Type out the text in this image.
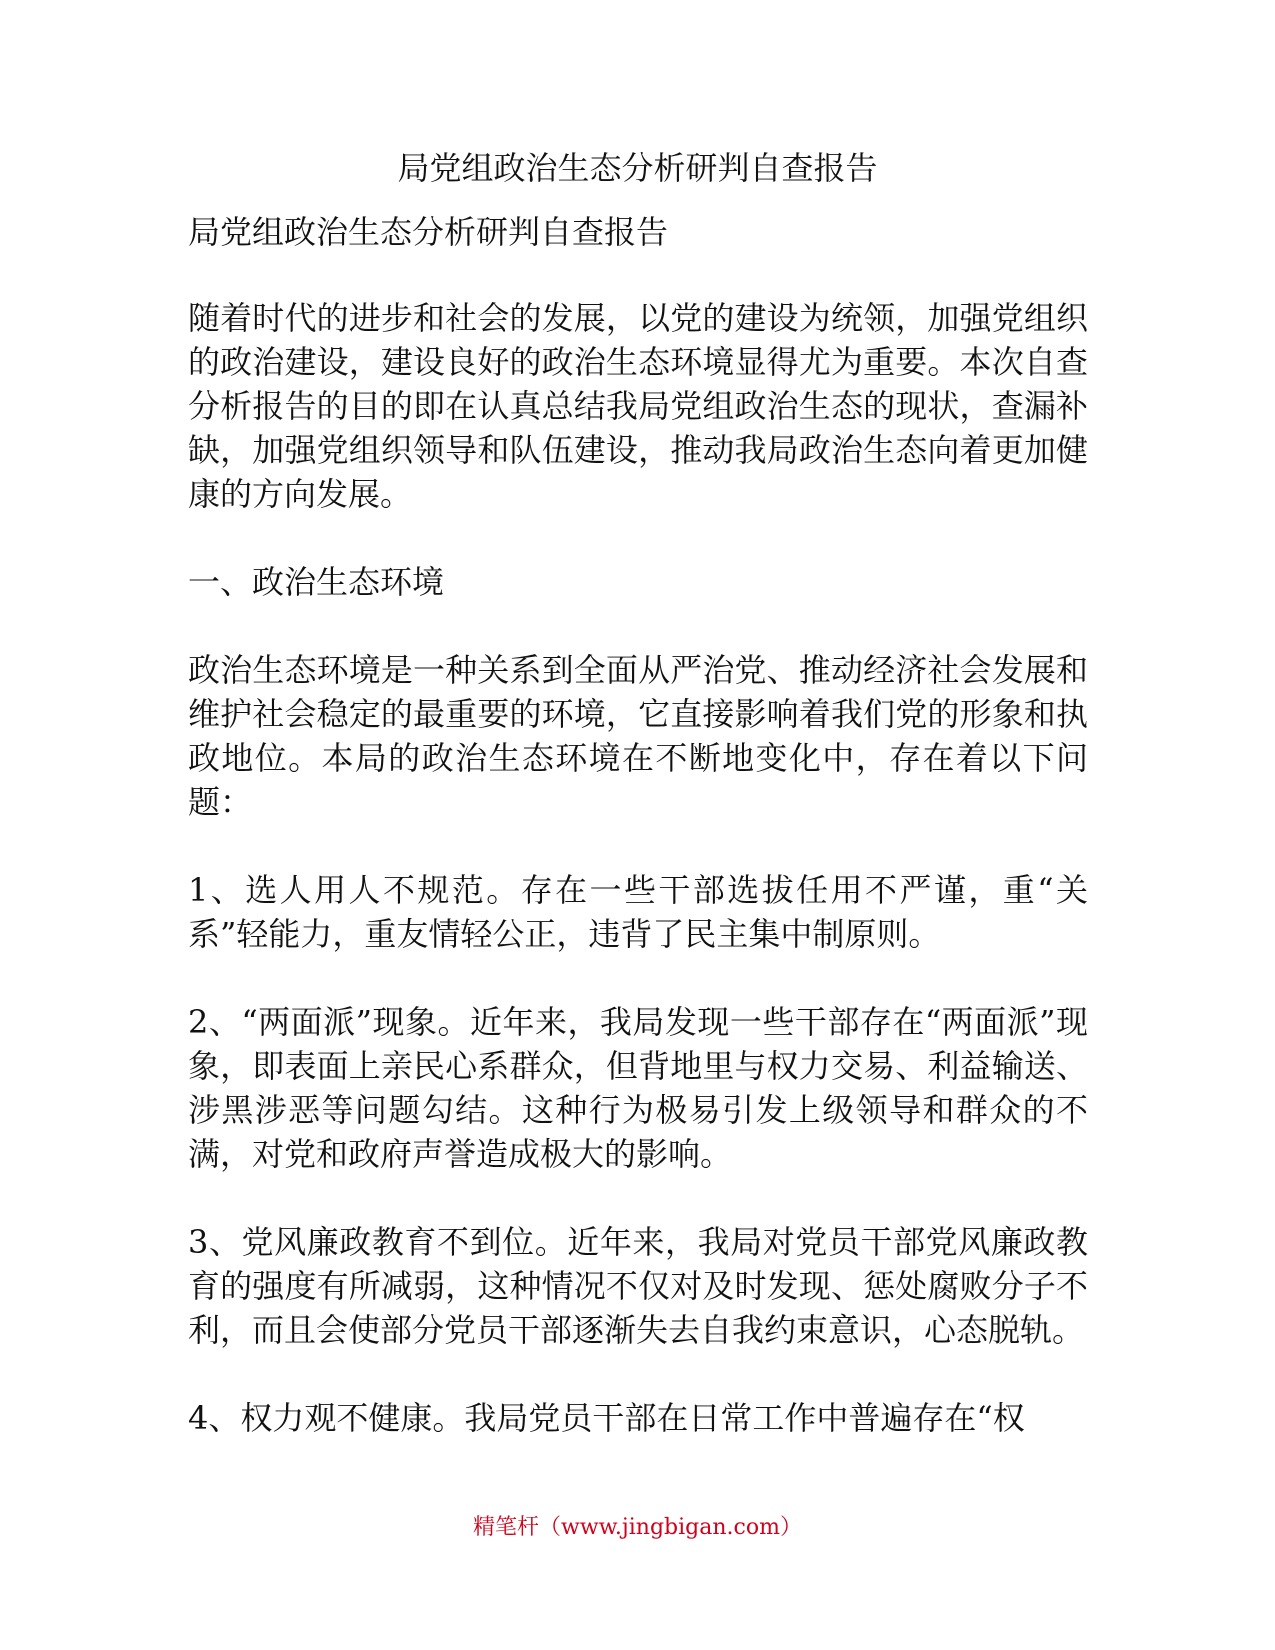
局党组政治生态分析研判自查报告

局党组政治生态分析研判自查报告

随着时代的进步和社会的发展，以党的建设为统领，加强党组织的政治建设，建设良好的政治生态环境显得尤为重要。本次自查分析报告的目的即在认真总结我局党组政治生态的现状，查漏补缺，加强党组织领导和队伍建设，推动我局政治生态向着更加健康的方向发展。

一、政治生态环境

政治生态环境是一种关系到全面从严治党、推动经济社会发展和维护社会稳定的最重要的环境，它直接影响着我们党的形象和执政地位。本局的政治生态环境在不断地变化中，存在着以下问题：

1、选人用人不规范。存在一些干部选拔任用不严谨，重“关系”轻能力，重友情轻公正，违背了民主集中制原则。

2、“两面派”现象。近年来，我局发现一些干部存在“两面派”现象，即表面上亲民心系群众，但背地里与权力交易、利益输送、涉黑涉恶等问题勾结。这种行为极易引发上级领导和群众的不满，对党和政府声誉造成极大的影响。

3、党风廉政教育不到位。近年来，我局对党员干部党风廉政教育的强度有所减弱，这种情况不仅对及时发现、惩处腐败分子不利，而且会使部分党员干部逐渐失去自我约束意识，心态脱轨。

4、权力观不健康。我局党员干部在日常工作中普遍存在“权

精笔杆（www.jingbigan.com）
